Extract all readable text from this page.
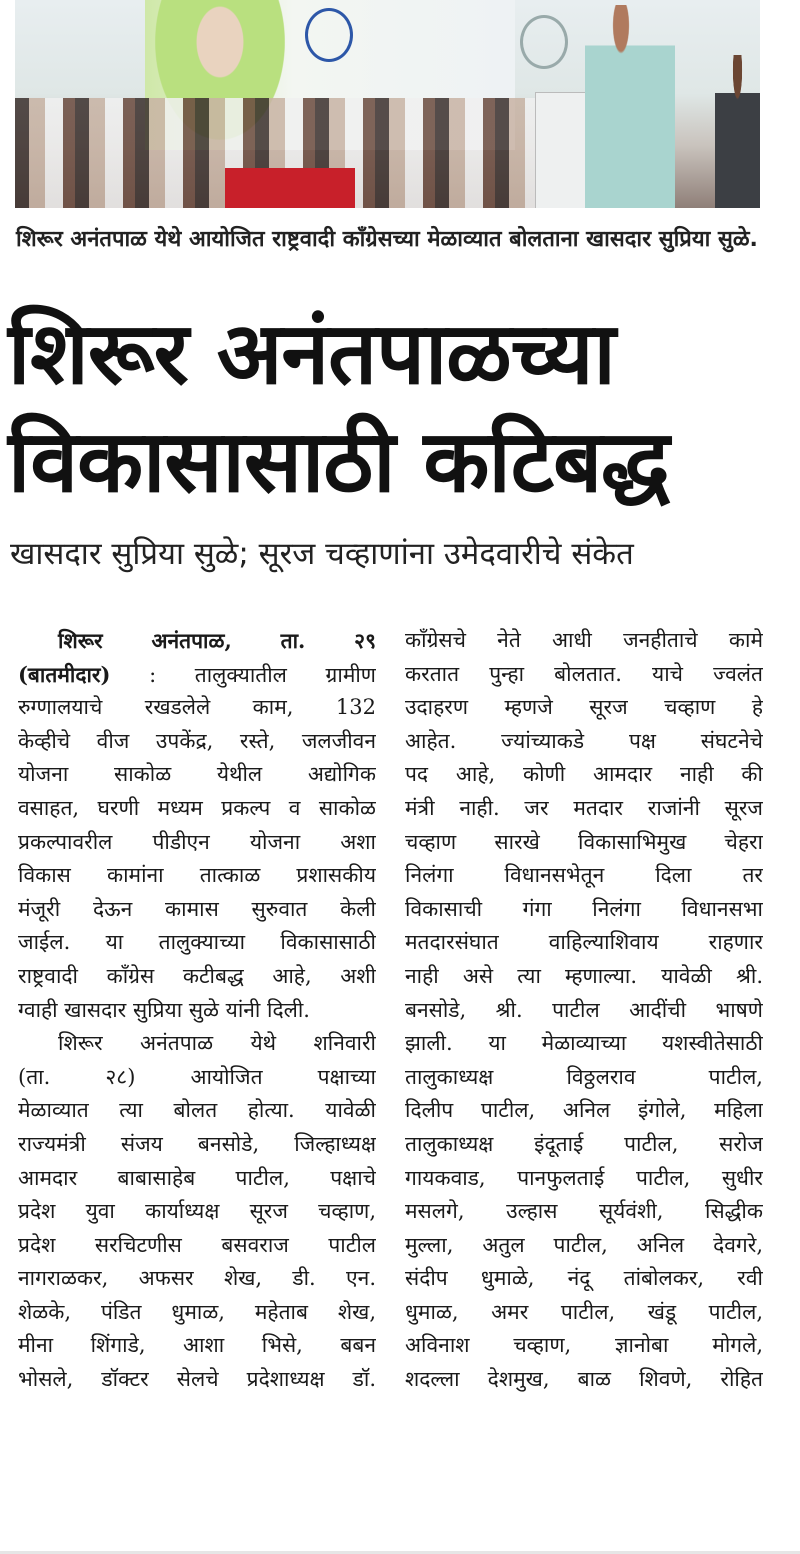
शिरूर अनंतपाळ येथे आयोजित राष्ट्रवादी काँग्रेसच्या मेळाव्यात बोलताना खासदार सुप्रिया सुळे.
शिरूर अनंतपाळच्या
विकासासाठी कटिबद्ध
खासदार सुप्रिया सुळे; सूरज चव्हाणांना उमेदवारीचे संकेत
शिरूर अनंतपाळ, ता. २९
(बातमीदार) : तालुक्यातील ग्रामीण
रुग्णालयाचे रखडलेले काम, 132
केव्हीचे वीज उपकेंद्र, रस्ते, जलजीवन
योजना साकोळ येथील अद्योगिक
वसाहत, घरणी मध्यम प्रकल्प व साकोळ
प्रकल्पावरील पीडीएन योजना अशा
विकास कामांना तात्काळ प्रशासकीय
मंजूरी देऊन कामास सुरुवात केली
जाईल. या तालुक्याच्या विकासासाठी
राष्ट्रवादी काँग्रेस कटीबद्ध आहे, अशी
ग्वाही खासदार सुप्रिया सुळे यांनी दिली.
शिरूर अनंतपाळ येथे शनिवारी
(ता. २८) आयोजित पक्षाच्या
मेळाव्यात त्या बोलत होत्या. यावेळी
राज्यमंत्री संजय बनसोडे, जिल्हाध्यक्ष
आमदार बाबासाहेब पाटील, पक्षाचे
प्रदेश युवा कार्याध्यक्ष सूरज चव्हाण,
प्रदेश सरचिटणीस बसवराज पाटील
नागराळकर, अफसर शेख, डी. एन.
शेळके, पंडित धुमाळ, महेताब शेख,
मीना शिंगाडे, आशा भिसे, बबन
भोसले, डॉक्टर सेलचे प्रदेशाध्यक्ष डॉ.
काँग्रेसचे नेते आधी जनहीताचे कामे
करतात पुन्हा बोलतात. याचे ज्वलंत
उदाहरण म्हणजे सूरज चव्हाण हे
आहेत. ज्यांच्याकडे पक्ष संघटनेचे
पद आहे, कोणी आमदार नाही की
मंत्री नाही. जर मतदार राजांनी सूरज
चव्हाण सारखे विकासाभिमुख चेहरा
निलंगा विधानसभेतून दिला तर
विकासाची गंगा निलंगा विधानसभा
मतदारसंघात वाहिल्याशिवाय राहणार
नाही असे त्या म्हणाल्या. यावेळी श्री.
बनसोडे, श्री. पाटील आदींची भाषणे
झाली. या मेळाव्याच्या यशस्वीतेसाठी
तालुकाध्यक्ष विठ्ठलराव पाटील,
दिलीप पाटील, अनिल इंगोले, महिला
तालुकाध्यक्ष इंदूताई पाटील, सरोज
गायकवाड, पानफुलताई पाटील, सुधीर
मसलगे, उल्हास सूर्यवंशी, सिद्धीक
मुल्ला, अतुल पाटील, अनिल देवगरे,
संदीप धुमाळे, नंदू तांबोलकर, रवी
धुमाळ, अमर पाटील, खंडू पाटील,
अविनाश चव्हाण, ज्ञानोबा मोगले,
शदल्ला देशमुख, बाळ शिवणे, रोहित
